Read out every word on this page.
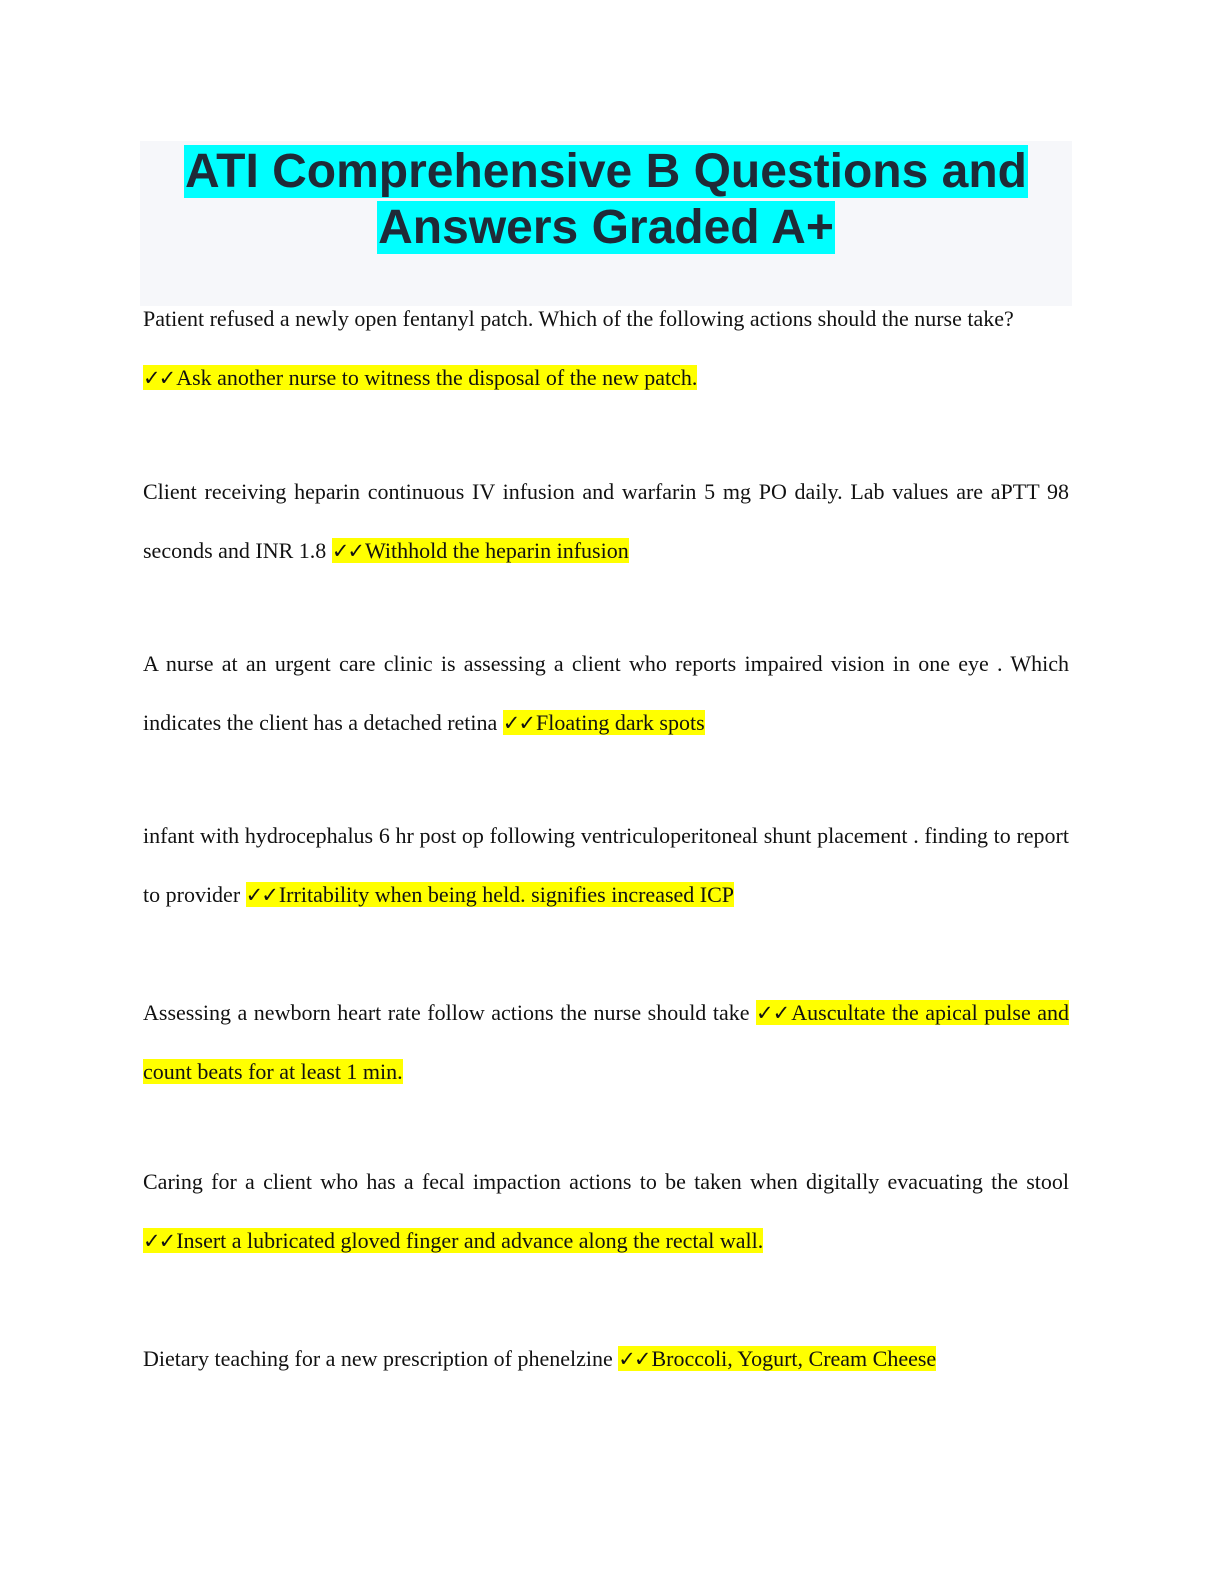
ATI Comprehensive B Questions and
Answers Graded A+

Patient refused a newly open fentanyl patch. Which of the following actions should the nurse take?
✓✓Ask another nurse to witness the disposal of the new patch.

Client receiving heparin continuous IV infusion and warfarin 5 mg PO daily. Lab values are aPTT 98 seconds and INR 1.8 ✓✓Withhold the heparin infusion

A nurse at an urgent care clinic is assessing a client who reports impaired vision in one eye . Which indicates the client has a detached retina ✓✓Floating dark spots

infant with hydrocephalus 6 hr post op following ventriculoperitoneal shunt placement . finding to report to provider ✓✓Irritability when being held. signifies increased ICP

Assessing a newborn heart rate follow actions the nurse should take ✓✓Auscultate the apical pulse and count beats for at least 1 min.

Caring for a client who has a fecal impaction actions to be taken when digitally evacuating the stool ✓✓Insert a lubricated gloved finger and advance along the rectal wall.

Dietary teaching for a new prescription of phenelzine ✓✓Broccoli, Yogurt, Cream Cheese
